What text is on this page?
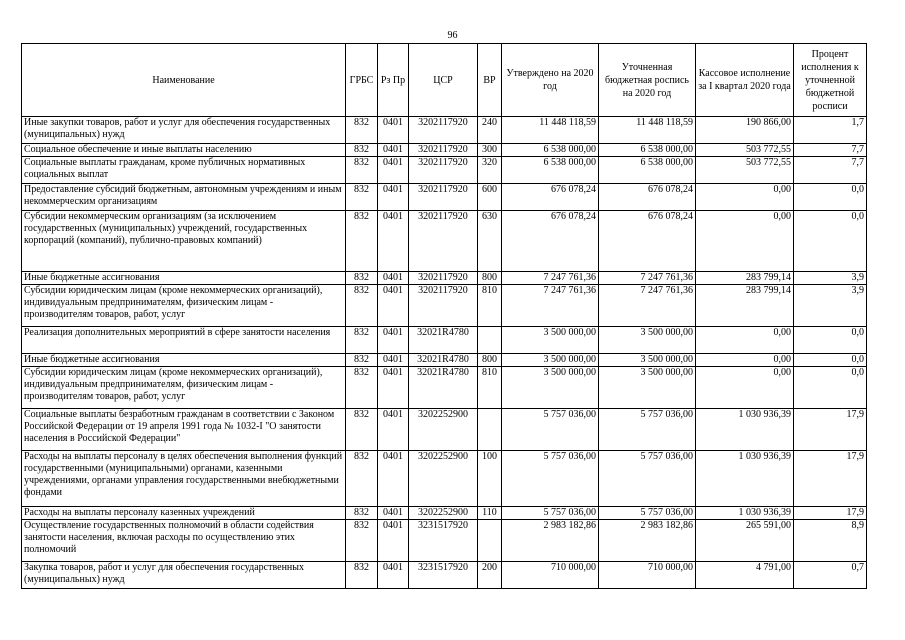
96
Наименование	ГРБС	Рз Пр	ЦСР	ВР	Утверждено на 2020 год	Уточненная бюджетная роспись на 2020 год	Кассовое исполнение за I квартал 2020 года	Процент исполнения к уточненной бюджетной росписи
Иные закупки товаров, работ и услуг для обеспечения государственных (муниципальных) нужд	832	0401	3202117920	240	11 448 118,59	11 448 118,59	190 866,00	1,7
Социальное обеспечение и иные выплаты населению	832	0401	3202117920	300	6 538 000,00	6 538 000,00	503 772,55	7,7
Социальные выплаты гражданам, кроме публичных нормативных социальных выплат	832	0401	3202117920	320	6 538 000,00	6 538 000,00	503 772,55	7,7
Предоставление субсидий бюджетным, автономным учреждениям и иным некоммерческим организациям	832	0401	3202117920	600	676 078,24	676 078,24	0,00	0,0
Субсидии некоммерческим организациям (за исключением государственных (муниципальных) учреждений, государственных корпораций (компаний), публично-правовых компаний)	832	0401	3202117920	630	676 078,24	676 078,24	0,00	0,0
Иные бюджетные ассигнования	832	0401	3202117920	800	7 247 761,36	7 247 761,36	283 799,14	3,9
Субсидии юридическим лицам (кроме некоммерческих организаций), индивидуальным предпринимателям, физическим лицам - производителям товаров, работ, услуг	832	0401	3202117920	810	7 247 761,36	7 247 761,36	283 799,14	3,9
Реализация дополнительных мероприятий в сфере занятости населения	832	0401	32021R4780		3 500 000,00	3 500 000,00	0,00	0,0
Иные бюджетные ассигнования	832	0401	32021R4780	800	3 500 000,00	3 500 000,00	0,00	0,0
Субсидии юридическим лицам (кроме некоммерческих организаций), индивидуальным предпринимателям, физическим лицам - производителям товаров, работ, услуг	832	0401	32021R4780	810	3 500 000,00	3 500 000,00	0,00	0,0
Социальные выплаты безработным гражданам в соответствии с Законом Российской Федерации от 19 апреля 1991 года № 1032-I "О занятости населения в Российской Федерации"	832	0401	3202252900		5 757 036,00	5 757 036,00	1 030 936,39	17,9
Расходы на выплаты персоналу в целях обеспечения выполнения функций государственными (муниципальными) органами, казенными учреждениями, органами управления государственными внебюджетными фондами	832	0401	3202252900	100	5 757 036,00	5 757 036,00	1 030 936,39	17,9
Расходы на выплаты персоналу казенных учреждений	832	0401	3202252900	110	5 757 036,00	5 757 036,00	1 030 936,39	17,9
Осуществление государственных полномочий в области содействия занятости населения, включая расходы по осуществлению этих полномочий	832	0401	3231517920		2 983 182,86	2 983 182,86	265 591,00	8,9
Закупка товаров, работ и услуг для обеспечения государственных (муниципальных) нужд	832	0401	3231517920	200	710 000,00	710 000,00	4 791,00	0,7
